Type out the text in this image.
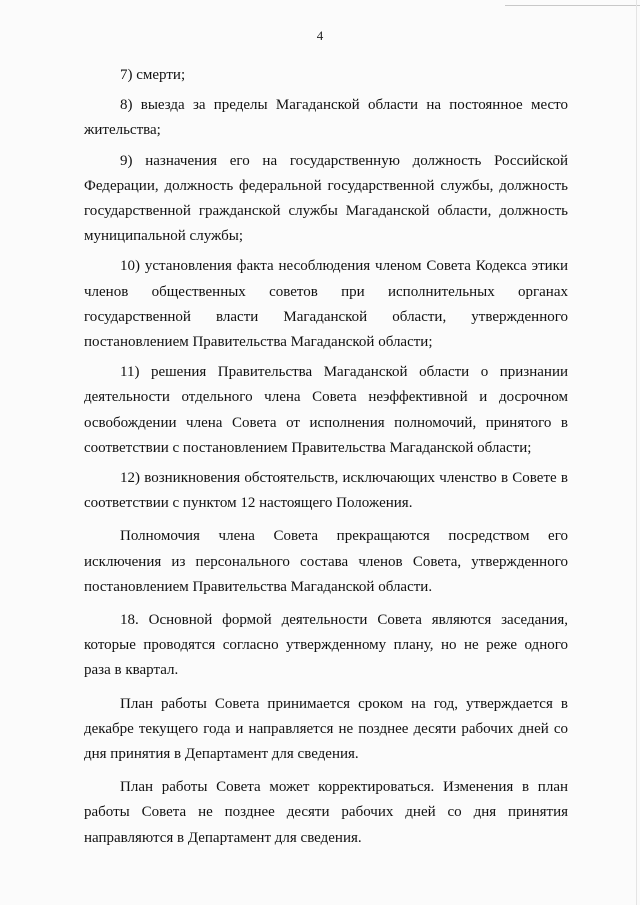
4

7) смерти;

8) выезда за пределы Магаданской области на постоянное место жительства;

9) назначения его на государственную должность Российской Федерации, должность федеральной государственной службы, должность государственной гражданской службы Магаданской области, должность муниципальной службы;

10) установления факта несоблюдения членом Совета Кодекса этики членов общественных советов при исполнительных органах государственной власти Магаданской области, утвержденного постановлением Правительства Магаданской области;

11) решения Правительства Магаданской области о признании деятельности отдельного члена Совета неэффективной и досрочном освобождении члена Совета от исполнения полномочий, принятого в соответствии с постановлением Правительства Магаданской области;

12) возникновения обстоятельств, исключающих членство в Совете в соответствии с пунктом 12 настоящего Положения.

Полномочия члена Совета прекращаются посредством его исключения из персонального состава членов Совета, утвержденного постановлением Правительства Магаданской области.

18. Основной формой деятельности Совета являются заседания, которые проводятся согласно утвержденному плану, но не реже одного раза в квартал.

План работы Совета принимается сроком на год, утверждается в декабре текущего года и направляется не позднее десяти рабочих дней со дня принятия в Департамент для сведения.

План работы Совета может корректироваться. Изменения в план работы Совета не позднее десяти рабочих дней со дня принятия направляются в Департамент для сведения.
